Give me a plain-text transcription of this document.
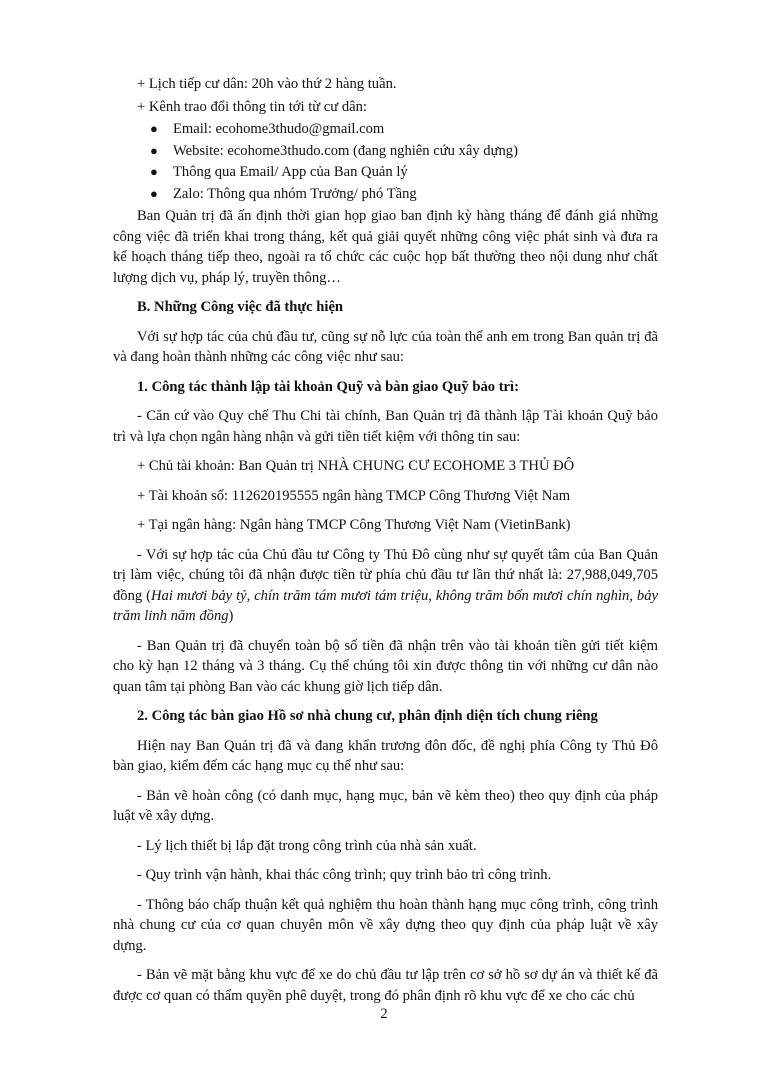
+ Lịch tiếp cư dân: 20h vào thứ 2 hàng tuần.

+ Kênh trao đổi thông tin tới từ cư dân:

● Email: ecohome3thudo@gmail.com
● Website: ecohome3thudo.com (đang nghiên cứu xây dựng)
● Thông qua Email/ App của Ban Quản lý
● Zalo: Thông qua nhóm Trưởng/ phó Tầng

Ban Quản trị đã ấn định thời gian họp giao ban định kỳ hàng tháng để đánh giá những công việc đã triển khai trong tháng, kết quả giải quyết những công việc phát sinh và đưa ra kế hoạch tháng tiếp theo, ngoài ra tổ chức các cuộc họp bất thường theo nội dung như chất lượng dịch vụ, pháp lý, truyền thông…

B. Những Công việc đã thực hiện

Với sự hợp tác của chủ đầu tư, cũng sự nỗ lực của toàn thể anh em trong Ban quản trị đã và đang hoàn thành những các công việc như sau:

1. Công tác thành lập tài khoản Quỹ và bàn giao Quỹ bảo trì:

- Căn cứ vào Quy chế Thu Chi tài chính, Ban Quản trị đã thành lập Tài khoản Quỹ bảo trì và lựa chọn ngân hàng nhận và gửi tiền tiết kiệm với thông tin sau:

+ Chủ tài khoản: Ban Quản trị NHÀ CHUNG CƯ ECOHOME 3 THỦ ĐÔ

+ Tài khoản số: 112620195555 ngân hàng TMCP Công Thương Việt Nam

+ Tại ngân hàng: Ngân hàng TMCP Công Thương Việt Nam (VietinBank)

- Với sự hợp tác của Chủ đầu tư Công ty Thủ Đô cùng như sự quyết tâm của Ban Quản trị làm việc, chúng tôi đã nhận được tiền từ phía chủ đầu tư lần thứ nhất là: 27,988,049,705 đồng (Hai mươi bảy tỷ, chín trăm tám mươi tám triệu, không trăm bốn mươi chín nghìn, bảy trăm linh năm đồng)

- Ban Quản trị đã chuyển toàn bộ số tiền đã nhận trên vào tài khoản tiền gửi tiết kiệm cho kỳ hạn 12 tháng và 3 tháng. Cụ thể chúng tôi xin được thông tin với những cư dân nào quan tâm tại phòng Ban vào các khung giờ lịch tiếp dân.

2. Công tác bàn giao Hồ sơ nhà chung cư, phân định diện tích chung riêng

Hiện nay Ban Quản trị đã và đang khẩn trương đôn đốc, đề nghị phía Công ty Thủ Đô bàn giao, kiểm đếm các hạng mục cụ thể như sau:

- Bản vẽ hoàn công (có danh mục, hạng mục, bản vẽ kèm theo) theo quy định của pháp luật về xây dựng.

- Lý lịch thiết bị lắp đặt trong công trình của nhà sản xuất.

- Quy trình vận hành, khai thác công trình; quy trình bảo trì công trình.

- Thông báo chấp thuận kết quả nghiệm thu hoàn thành hạng mục công trình, công trình nhà chung cư của cơ quan chuyên môn về xây dựng theo quy định của pháp luật về xây dựng.

- Bản vẽ mặt bằng khu vực để xe do chủ đầu tư lập trên cơ sở hồ sơ dự án và thiết kế đã được cơ quan có thẩm quyền phê duyệt, trong đó phân định rõ khu vực để xe cho các chủ

2
